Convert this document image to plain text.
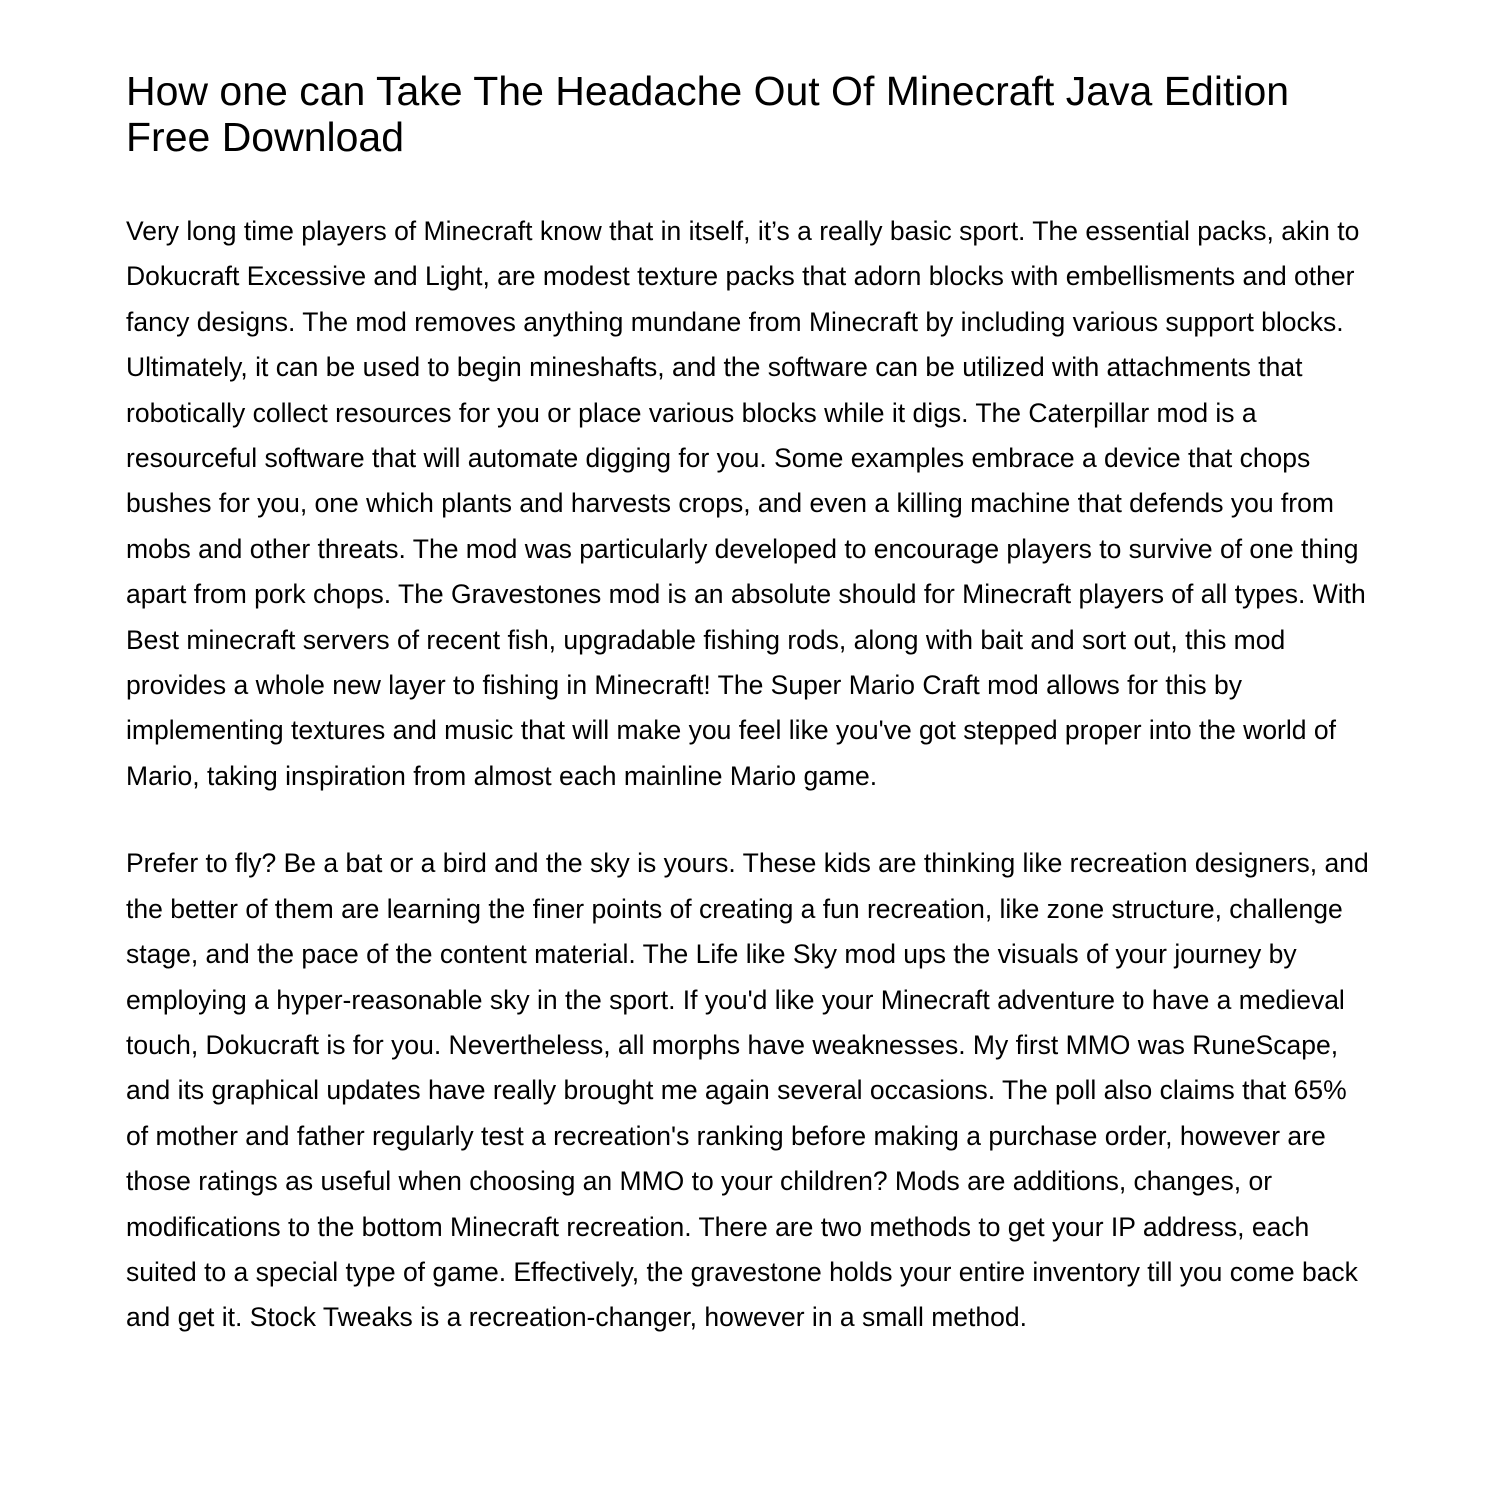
How one can Take The Headache Out Of Minecraft Java Edition Free Download

Very long time players of Minecraft know that in itself, it’s a really basic sport. The essential packs, akin to Dokucraft Excessive and Light, are modest texture packs that adorn blocks with embellisments and other fancy designs. The mod removes anything mundane from Minecraft by including various support blocks. Ultimately, it can be used to begin mineshafts, and the software can be utilized with attachments that robotically collect resources for you or place various blocks while it digs. The Caterpillar mod is a resourceful software that will automate digging for you. Some examples embrace a device that chops bushes for you, one which plants and harvests crops, and even a killing machine that defends you from mobs and other threats. The mod was particularly developed to encourage players to survive of one thing apart from pork chops. The Gravestones mod is an absolute should for Minecraft players of all types. With Best minecraft servers of recent fish, upgradable fishing rods, along with bait and sort out, this mod provides a whole new layer to fishing in Minecraft! The Super Mario Craft mod allows for this by implementing textures and music that will make you feel like you've got stepped proper into the world of Mario, taking inspiration from almost each mainline Mario game.

Prefer to fly? Be a bat or a bird and the sky is yours. These kids are thinking like recreation designers, and the better of them are learning the finer points of creating a fun recreation, like zone structure, challenge stage, and the pace of the content material. The Life like Sky mod ups the visuals of your journey by employing a hyper-reasonable sky in the sport. If you'd like your Minecraft adventure to have a medieval touch, Dokucraft is for you. Nevertheless, all morphs have weaknesses. My first MMO was RuneScape, and its graphical updates have really brought me again several occasions. The poll also claims that 65% of mother and father regularly test a recreation's ranking before making a purchase order, however are those ratings as useful when choosing an MMO to your children? Mods are additions, changes, or modifications to the bottom Minecraft recreation. There are two methods to get your IP address, each suited to a special type of game. Effectively, the gravestone holds your entire inventory till you come back and get it. Stock Tweaks is a recreation-changer, however in a small method.
